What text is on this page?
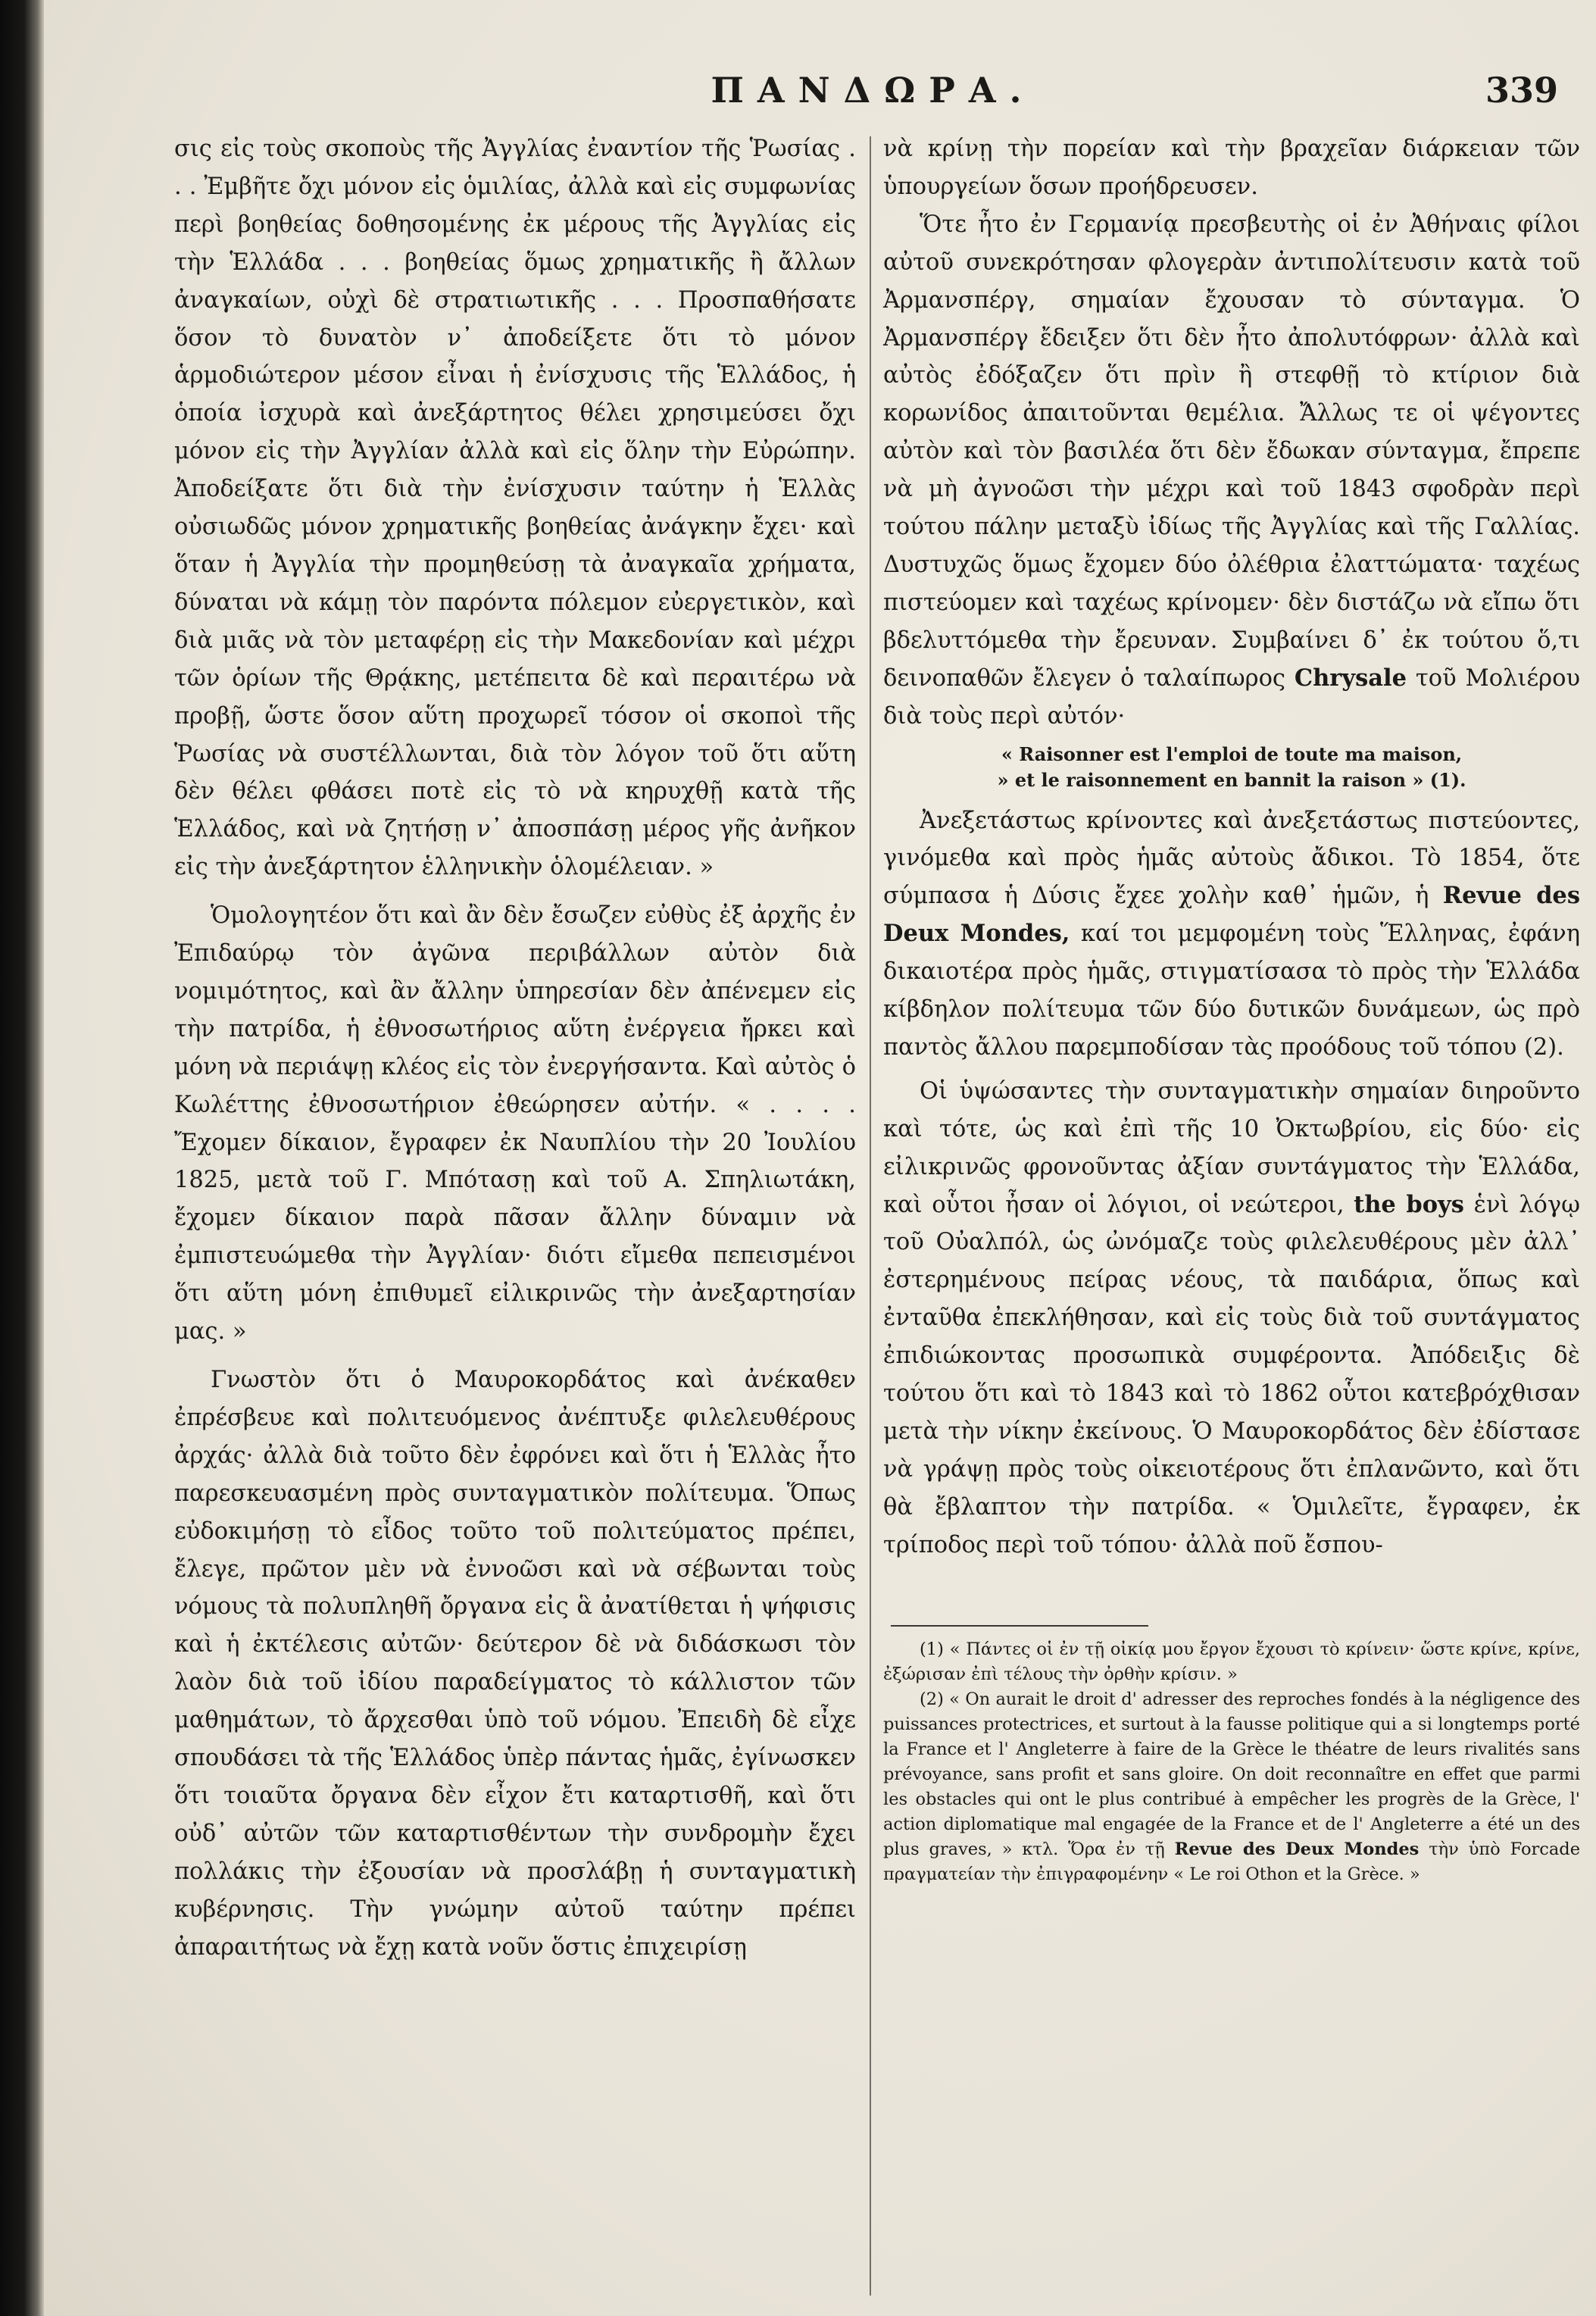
ΠΑΝΔΩΡΑ.	339

σις εἰς τοὺς σκοποὺς τῆς Ἀγγλίας ἐναντίον τῆς Ῥωσίας . . . Ἐμβῆτε ὄχι μόνον εἰς ὁμιλίας, ἀλλὰ καὶ εἰς συμφωνίας περὶ βοηθείας δοθησομένης ἐκ μέρους τῆς Ἀγγλίας εἰς τὴν Ἑλλάδα . . . βοηθείας ὅμως χρηματικῆς ἢ ἄλλων ἀναγκαίων, οὐχὶ δὲ στρατιωτικῆς . . . Προσπαθήσατε ὅσον τὸ δυνατὸν ν᾽ ἀποδείξετε ὅτι τὸ μόνον ἁρμοδιώτερον μέσον εἶναι ἡ ἐνίσχυσις τῆς Ἑλλάδος, ἡ ὁποία ἰσχυρὰ καὶ ἀνεξάρτητος θέλει χρησιμεύσει ὄχι μόνον εἰς τὴν Ἀγγλίαν ἀλλὰ καὶ εἰς ὅλην τὴν Εὐρώπην. Ἀποδείξατε ὅτι διὰ τὴν ἐνίσχυσιν ταύτην ἡ Ἑλλὰς οὐσιωδῶς μόνον χρηματικῆς βοηθείας ἀνάγκην ἔχει· καὶ ὅταν ἡ Ἀγγλία τὴν προμηθεύσῃ τὰ ἀναγκαῖα χρήματα, δύναται νὰ κάμῃ τὸν παρόντα πόλεμον εὐεργετικὸν, καὶ διὰ μιᾶς νὰ τὸν μεταφέρῃ εἰς τὴν Μακεδονίαν καὶ μέχρι τῶν ὁρίων τῆς Θρᾴκης, μετέπειτα δὲ καὶ περαιτέρω νὰ προβῇ, ὥστε ὅσον αὕτη προχωρεῖ τόσον οἱ σκοποὶ τῆς Ῥωσίας νὰ συστέλλωνται, διὰ τὸν λόγον τοῦ ὅτι αὕτη δὲν θέλει φθάσει ποτὲ εἰς τὸ νὰ κηρυχθῇ κατὰ τῆς Ἑλλάδος, καὶ νὰ ζητήσῃ ν᾽ ἀποσπάσῃ μέρος γῆς ἀνῆκον εἰς τὴν ἀνεξάρτητον ἑλληνικὴν ὁλομέλειαν. »

Ὁμολογητέον ὅτι καὶ ἂν δὲν ἔσωζεν εὐθὺς ἐξ ἀρχῆς ἐν Ἐπιδαύρῳ τὸν ἀγῶνα περιβάλλων αὐτὸν διὰ νομιμότητος, καὶ ἂν ἄλλην ὑπηρεσίαν δὲν ἀπένεμεν εἰς τὴν πατρίδα, ἡ ἐθνοσωτήριος αὕτη ἐνέργεια ἤρκει καὶ μόνη νὰ περιάψῃ κλέος εἰς τὸν ἐνεργήσαντα. Καὶ αὐτὸς ὁ Κωλέττης ἐθνοσωτήριον ἐθεώρησεν αὐτήν. « . . . . Ἔχομεν δίκαιον, ἔγραφεν ἐκ Ναυπλίου τὴν 20 Ἰουλίου 1825, μετὰ τοῦ Γ. Μπότασῃ καὶ τοῦ Α. Σπηλιωτάκη, ἔχομεν δίκαιον παρὰ πᾶσαν ἄλλην δύναμιν νὰ ἐμπιστευώμεθα τὴν Ἀγγλίαν· διότι εἴμεθα πεπεισμένοι ὅτι αὕτη μόνη ἐπιθυμεῖ εἰλικρινῶς τὴν ἀνεξαρτησίαν μας. »

Γνωστὸν ὅτι ὁ Μαυροκορδάτος καὶ ἀνέκαθεν ἐπρέσβευε καὶ πολιτευόμενος ἀνέπτυξε φιλελευθέρους ἀρχάς· ἀλλὰ διὰ τοῦτο δὲν ἐφρόνει καὶ ὅτι ἡ Ἑλλὰς ἦτο παρεσκευασμένη πρὸς συνταγματικὸν πολίτευμα. Ὅπως εὐδοκιμήσῃ τὸ εἶδος τοῦτο τοῦ πολιτεύματος πρέπει, ἔλεγε, πρῶτον μὲν νὰ ἐννοῶσι καὶ νὰ σέβωνται τοὺς νόμους τὰ πολυπληθῆ ὄργανα εἰς ἃ ἀνατίθεται ἡ ψήφισις καὶ ἡ ἐκτέλεσις αὐτῶν· δεύτερον δὲ νὰ διδάσκωσι τὸν λαὸν διὰ τοῦ ἰδίου παραδείγματος τὸ κάλλιστον τῶν μαθημάτων, τὸ ἄρχεσθαι ὑπὸ τοῦ νόμου. Ἐπειδὴ δὲ εἶχε σπουδάσει τὰ τῆς Ἑλλάδος ὑπὲρ πάντας ἡμᾶς, ἐγίνωσκεν ὅτι τοιαῦτα ὄργανα δὲν εἶχον ἔτι καταρτισθῆ, καὶ ὅτι οὐδ᾽ αὐτῶν τῶν καταρτισθέντων τὴν συνδρομὴν ἔχει πολλάκις τὴν ἐξουσίαν νὰ προσλάβῃ ἡ συνταγματικὴ κυβέρνησις. Τὴν γνώμην αὐτοῦ ταύτην πρέπει ἀπαραιτήτως νὰ ἔχῃ κατὰ νοῦν ὅστις ἐπιχειρίσῃ

νὰ κρίνῃ τὴν πορείαν καὶ τὴν βραχεῖαν διάρκειαν τῶν ὑπουργείων ὅσων προήδρευσεν.

Ὅτε ἦτο ἐν Γερμανίᾳ πρεσβευτὴς οἱ ἐν Ἀθήναις φίλοι αὐτοῦ συνεκρότησαν φλογερὰν ἀντιπολίτευσιν κατὰ τοῦ Ἀρμανσπέργ, σημαίαν ἔχουσαν τὸ σύνταγμα. Ὁ Ἀρμανσπέργ ἔδειξεν ὅτι δὲν ἦτο ἀπολυτόφρων· ἀλλὰ καὶ αὐτὸς ἐδόξαζεν ὅτι πρὶν ἢ στεφθῇ τὸ κτίριον διὰ κορωνίδος ἀπαιτοῦνται θεμέλια. Ἄλλως τε οἱ ψέγοντες αὐτὸν καὶ τὸν βασιλέα ὅτι δὲν ἔδωκαν σύνταγμα, ἔπρεπε νὰ μὴ ἀγνοῶσι τὴν μέχρι καὶ τοῦ 1843 σφοδρὰν περὶ τούτου πάλην μεταξὺ ἰδίως τῆς Ἀγγλίας καὶ τῆς Γαλλίας. Δυστυχῶς ὅμως ἔχομεν δύο ὀλέθρια ἐλαττώματα· ταχέως πιστεύομεν καὶ ταχέως κρίνομεν· δὲν διστάζω νὰ εἴπω ὅτι βδελυττόμεθα τὴν ἔρευναν. Συμβαίνει δ᾽ ἐκ τούτου ὅ,τι δεινοπαθῶν ἔλεγεν ὁ ταλαίπωρος Chrysale τοῦ Μολιέρου διὰ τοὺς περὶ αὐτόν·

« Raisonner est l'emploi de toute ma maison,
» et le raisonnement en bannit la raison » (1).

Ἀνεξετάστως κρίνοντες καὶ ἀνεξετάστως πιστεύοντες, γινόμεθα καὶ πρὸς ἡμᾶς αὐτοὺς ἄδικοι. Τὸ 1854, ὅτε σύμπασα ἡ Δύσις ἔχεε χολὴν καθ᾽ ἡμῶν, ἡ Revue des Deux Mondes, καί τοι μεμφομένη τοὺς Ἕλληνας, ἐφάνη δικαιοτέρα πρὸς ἡμᾶς, στιγματίσασα τὸ πρὸς τὴν Ἑλλάδα κίβδηλον πολίτευμα τῶν δύο δυτικῶν δυνάμεων, ὡς πρὸ παντὸς ἄλλου παρεμποδίσαν τὰς προόδους τοῦ τόπου (2).

Οἱ ὑψώσαντες τὴν συνταγματικὴν σημαίαν διηροῦντο καὶ τότε, ὡς καὶ ἐπὶ τῆς 10 Ὀκτωβρίου, εἰς δύο· εἰς εἰλικρινῶς φρονοῦντας ἀξίαν συντάγματος τὴν Ἑλλάδα, καὶ οὗτοι ἦσαν οἱ λόγιοι, οἱ νεώτεροι, the boys ἑνὶ λόγῳ τοῦ Οὐαλπόλ, ὡς ὠνόμαζε τοὺς φιλελευθέρους μὲν ἀλλ᾽ ἐστερημένους πείρας νέους, τὰ παιδάρια, ὅπως καὶ ἐνταῦθα ἐπεκλήθησαν, καὶ εἰς τοὺς διὰ τοῦ συντάγματος ἐπιδιώκοντας προσωπικὰ συμφέροντα. Ἀπόδειξις δὲ τούτου ὅτι καὶ τὸ 1843 καὶ τὸ 1862 οὗτοι κατεβρόχθισαν μετὰ τὴν νίκην ἐκείνους. Ὁ Μαυροκορδάτος δὲν ἐδίστασε νὰ γράψῃ πρὸς τοὺς οἰκειοτέρους ὅτι ἐπλανῶντο, καὶ ὅτι θὰ ἔβλαπτον τὴν πατρίδα. « Ὁμιλεῖτε, ἔγραφεν, ἐκ τρίποδος περὶ τοῦ τόπου· ἀλλὰ ποῦ ἔσπου-

(1) « Πάντες οἱ ἐν τῇ οἰκίᾳ μου ἔργον ἔχουσι τὸ κρίνειν· ὥστε κρίνε, κρίνε, ἐξώρισαν ἐπὶ τέλους τὴν ὀρθὴν κρίσιν. »

(2) « On aurait le droit d' adresser des reproches fondés à la négligence des puissances protectrices, et surtout à la fausse politique qui a si longtemps porté la France et l' Angleterre à faire de la Grèce le théatre de leurs rivalités sans prévoyance, sans profit et sans gloire. On doit reconnaître en effet que parmi les obstacles qui ont le plus contribué à empêcher les progrès de la Grèce, l' action diplomatique mal engagée de la France et de l' Angleterre a été un des plus graves, » κτλ. Ὅρα ἐν τῇ Revue des Deux Mondes τὴν ὑπὸ Forcade πραγματείαν τὴν ἐπιγραφομένην « Le roi Othon et la Grèce. »
